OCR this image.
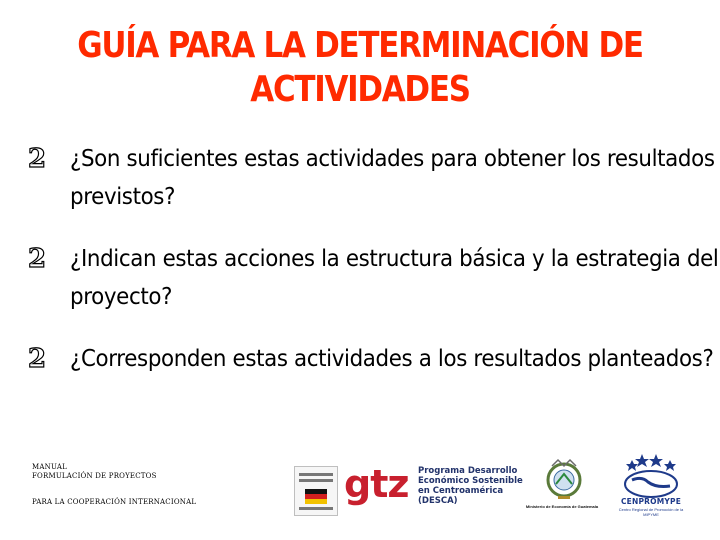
GUÍA PARA LA DETERMINACIÓN DE
ACTIVIDADES
2 ¿Son suficientes estas actividades para obtener los resultados previstos?
2 ¿Indican estas acciones la estructura básica y la estrategia del proyecto?
2 ¿Corresponden estas actividades a los resultados planteados?
MANUAL
FORMULACIÓN DE PROYECTOS
PARA LA COOPERACIÓN INTERNACIONAL	gtz Programa Desarrollo
Económico Sostenible
en Centroamérica
(DESCA)
Ministerio de Economía de Guatemala
CENPROMYPE
Centro Regional de Promoción de la MIPYME
